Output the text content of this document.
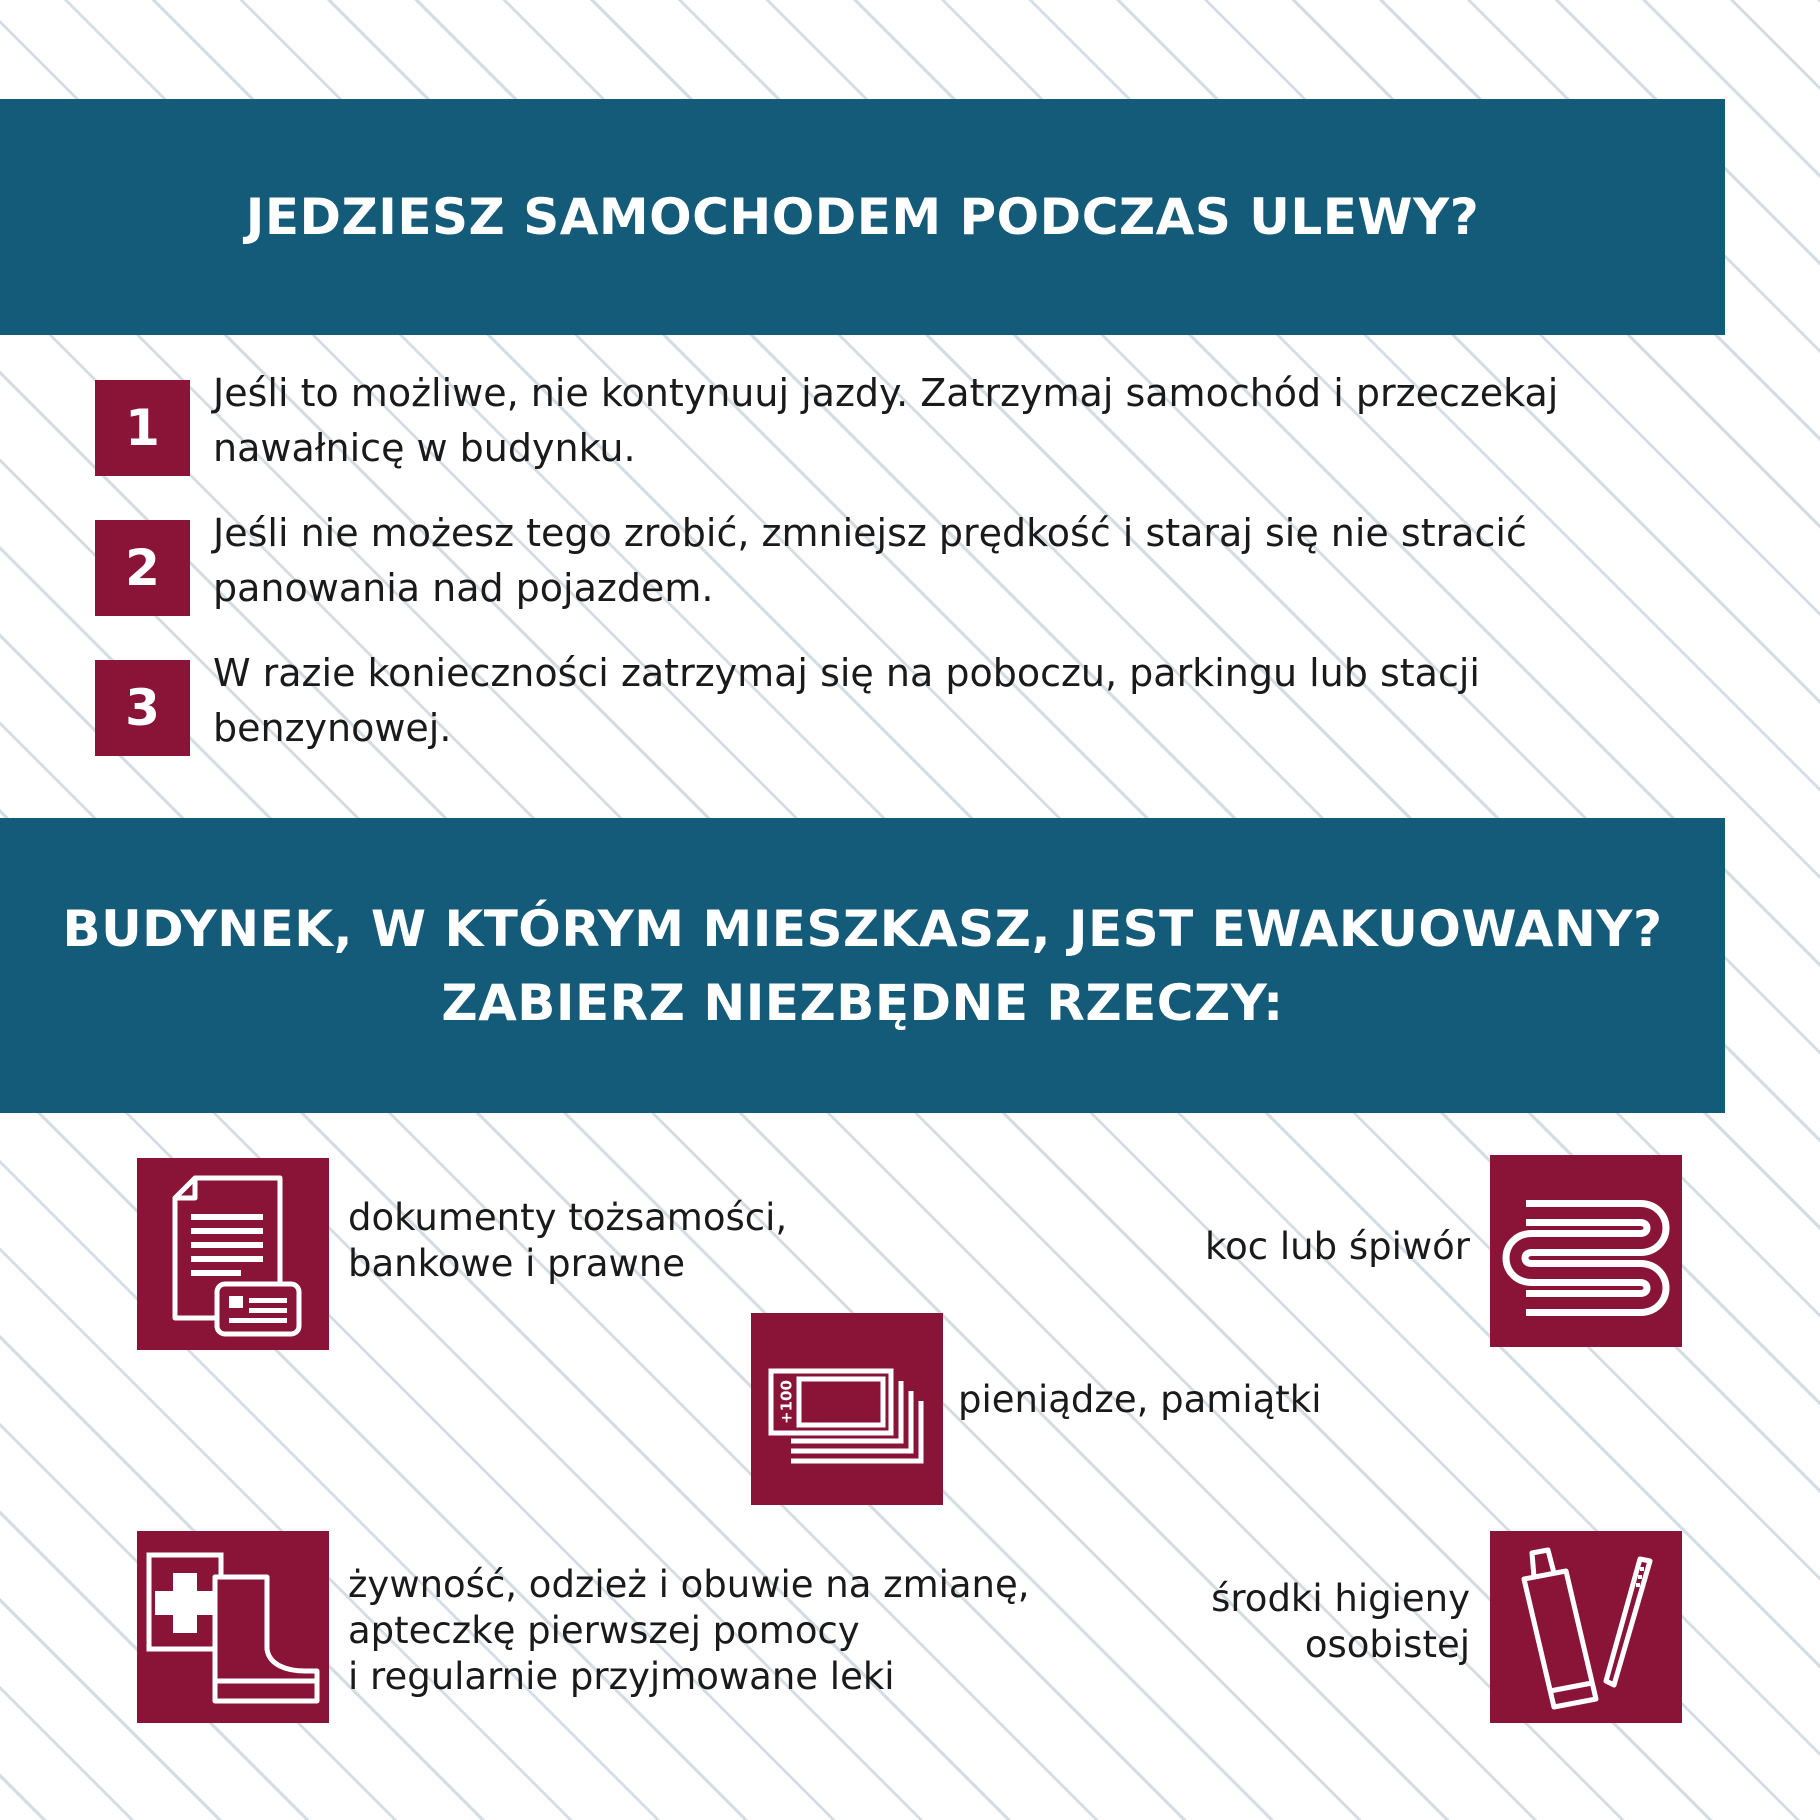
JEDZIESZ SAMOCHODEM PODCZAS ULEWY?
1
Jeśli to możliwe, nie kontynuuj jazdy. Zatrzymaj samochód i przeczekaj
nawałnicę w budynku.
2
Jeśli nie możesz tego zrobić, zmniejsz prędkość i staraj się nie stracić
panowania nad pojazdem.
3
W razie konieczności zatrzymaj się na poboczu, parkingu lub stacji
benzynowej.
BUDYNEK, W KTÓRYM MIESZKASZ, JEST EWAKUOWANY?
ZABIERZ NIEZBĘDNE RZECZY:

dokumenty tożsamości,
bankowe i prawne	koc lub śpiwór

+100	pieniądze, pamiątki

żywność, odzież i obuwie na zmianę,
apteczkę pierwszej pomocy
i regularnie przyjmowane leki

środki higieny
osobistej
